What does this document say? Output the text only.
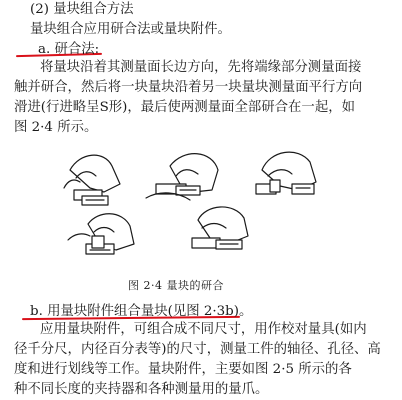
(2) 量块组合方法
量块组合应用研合法或量块附件。
a. 研合法:
将量块沿着其测量面长边方向，先将端缘部分测量面接
触并研合，然后将一块量块沿着另一块量块测量面平行方向
滑进(行进略呈S形)，最后使两测量面全部研合在一起，如
图 2·4 所示。
图 2·4 量块的研合
b. 用量块附件组合量块(见图 2·3b)。
应用量块附件，可组合成不同尺寸，用作校对量具(如内
径千分尺，内径百分表等)的尺寸，测量工件的轴径、孔径、高
度和进行划线等工作。量块附件，主要如图 2·5 所示的各
种不同长度的夹持器和各种测量用的量爪。
